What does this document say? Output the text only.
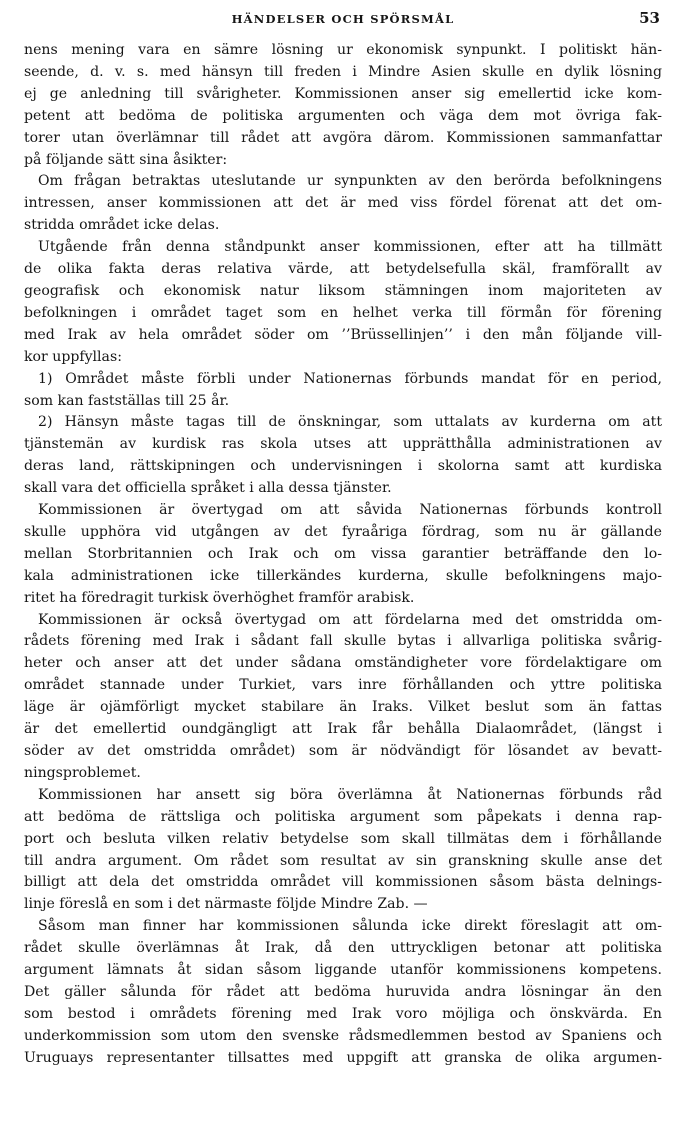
HÄNDELSER OCH SPÖRSMÅL	53

nens mening vara en sämre lösning ur ekonomisk synpunkt. I politiskt hän-

seende, d. v. s. med hänsyn till freden i Mindre Asien skulle en dylik lösning

ej ge anledning till svårigheter. Kommissionen anser sig emellertid icke kom-

petent att bedöma de politiska argumenten och väga dem mot övriga fak-

torer utan överlämnar till rådet att avgöra därom. Kommissionen sammanfattar

på följande sätt sina åsikter:

Om frågan betraktas uteslutande ur synpunkten av den berörda befolkningens

intressen, anser kommissionen att det är med viss fördel förenat att det om-

stridda området icke delas.

Utgående från denna ståndpunkt anser kommissionen, efter att ha tillmätt

de olika fakta deras relativa värde, att betydelsefulla skäl, framförallt av

geografisk och ekonomisk natur liksom stämningen inom majoriteten av

befolkningen i området taget som en helhet verka till förmån för förening

med Irak av hela området söder om ’’Brüssellinjen’’ i den mån följande vill-

kor uppfyllas:

1) Området måste förbli under Nationernas förbunds mandat för en period,

som kan fastställas till 25 år.

2) Hänsyn måste tagas till de önskningar, som uttalats av kurderna om att

tjänstemän av kurdisk ras skola utses att upprätthålla administrationen av

deras land, rättskipningen och undervisningen i skolorna samt att kurdiska

skall vara det officiella språket i alla dessa tjänster.

Kommissionen är övertygad om att såvida Nationernas förbunds kontroll

skulle upphöra vid utgången av det fyraåriga fördrag, som nu är gällande

mellan Storbritannien och Irak och om vissa garantier beträffande den lo-

kala administrationen icke tillerkändes kurderna, skulle befolkningens majo-

ritet ha föredragit turkisk överhöghet framför arabisk.

Kommissionen är också övertygad om att fördelarna med det omstridda om-

rådets förening med Irak i sådant fall skulle bytas i allvarliga politiska svårig-

heter och anser att det under sådana omständigheter vore fördelaktigare om

området stannade under Turkiet, vars inre förhållanden och yttre politiska

läge är ojämförligt mycket stabilare än Iraks. Vilket beslut som än fattas

är det emellertid oundgängligt att Irak får behålla Dialaområdet, (längst i

söder av det omstridda området) som är nödvändigt för lösandet av bevatt-

ningsproblemet.

Kommissionen har ansett sig böra överlämna åt Nationernas förbunds råd

att bedöma de rättsliga och politiska argument som påpekats i denna rap-

port och besluta vilken relativ betydelse som skall tillmätas dem i förhållande

till andra argument. Om rådet som resultat av sin granskning skulle anse det

billigt att dela det omstridda området vill kommissionen såsom bästa delnings-

linje föreslå en som i det närmaste följde Mindre Zab. —

Såsom man finner har kommissionen sålunda icke direkt föreslagit att om-

rådet skulle överlämnas åt Irak, då den uttryckligen betonar att politiska

argument lämnats åt sidan såsom liggande utanför kommissionens kompetens.

Det gäller sålunda för rådet att bedöma huruvida andra lösningar än den

som bestod i områdets förening med Irak voro möjliga och önskvärda. En

underkommission som utom den svenske rådsmedlemmen bestod av Spaniens och

Uruguays representanter tillsattes med uppgift att granska de olika argumen-
